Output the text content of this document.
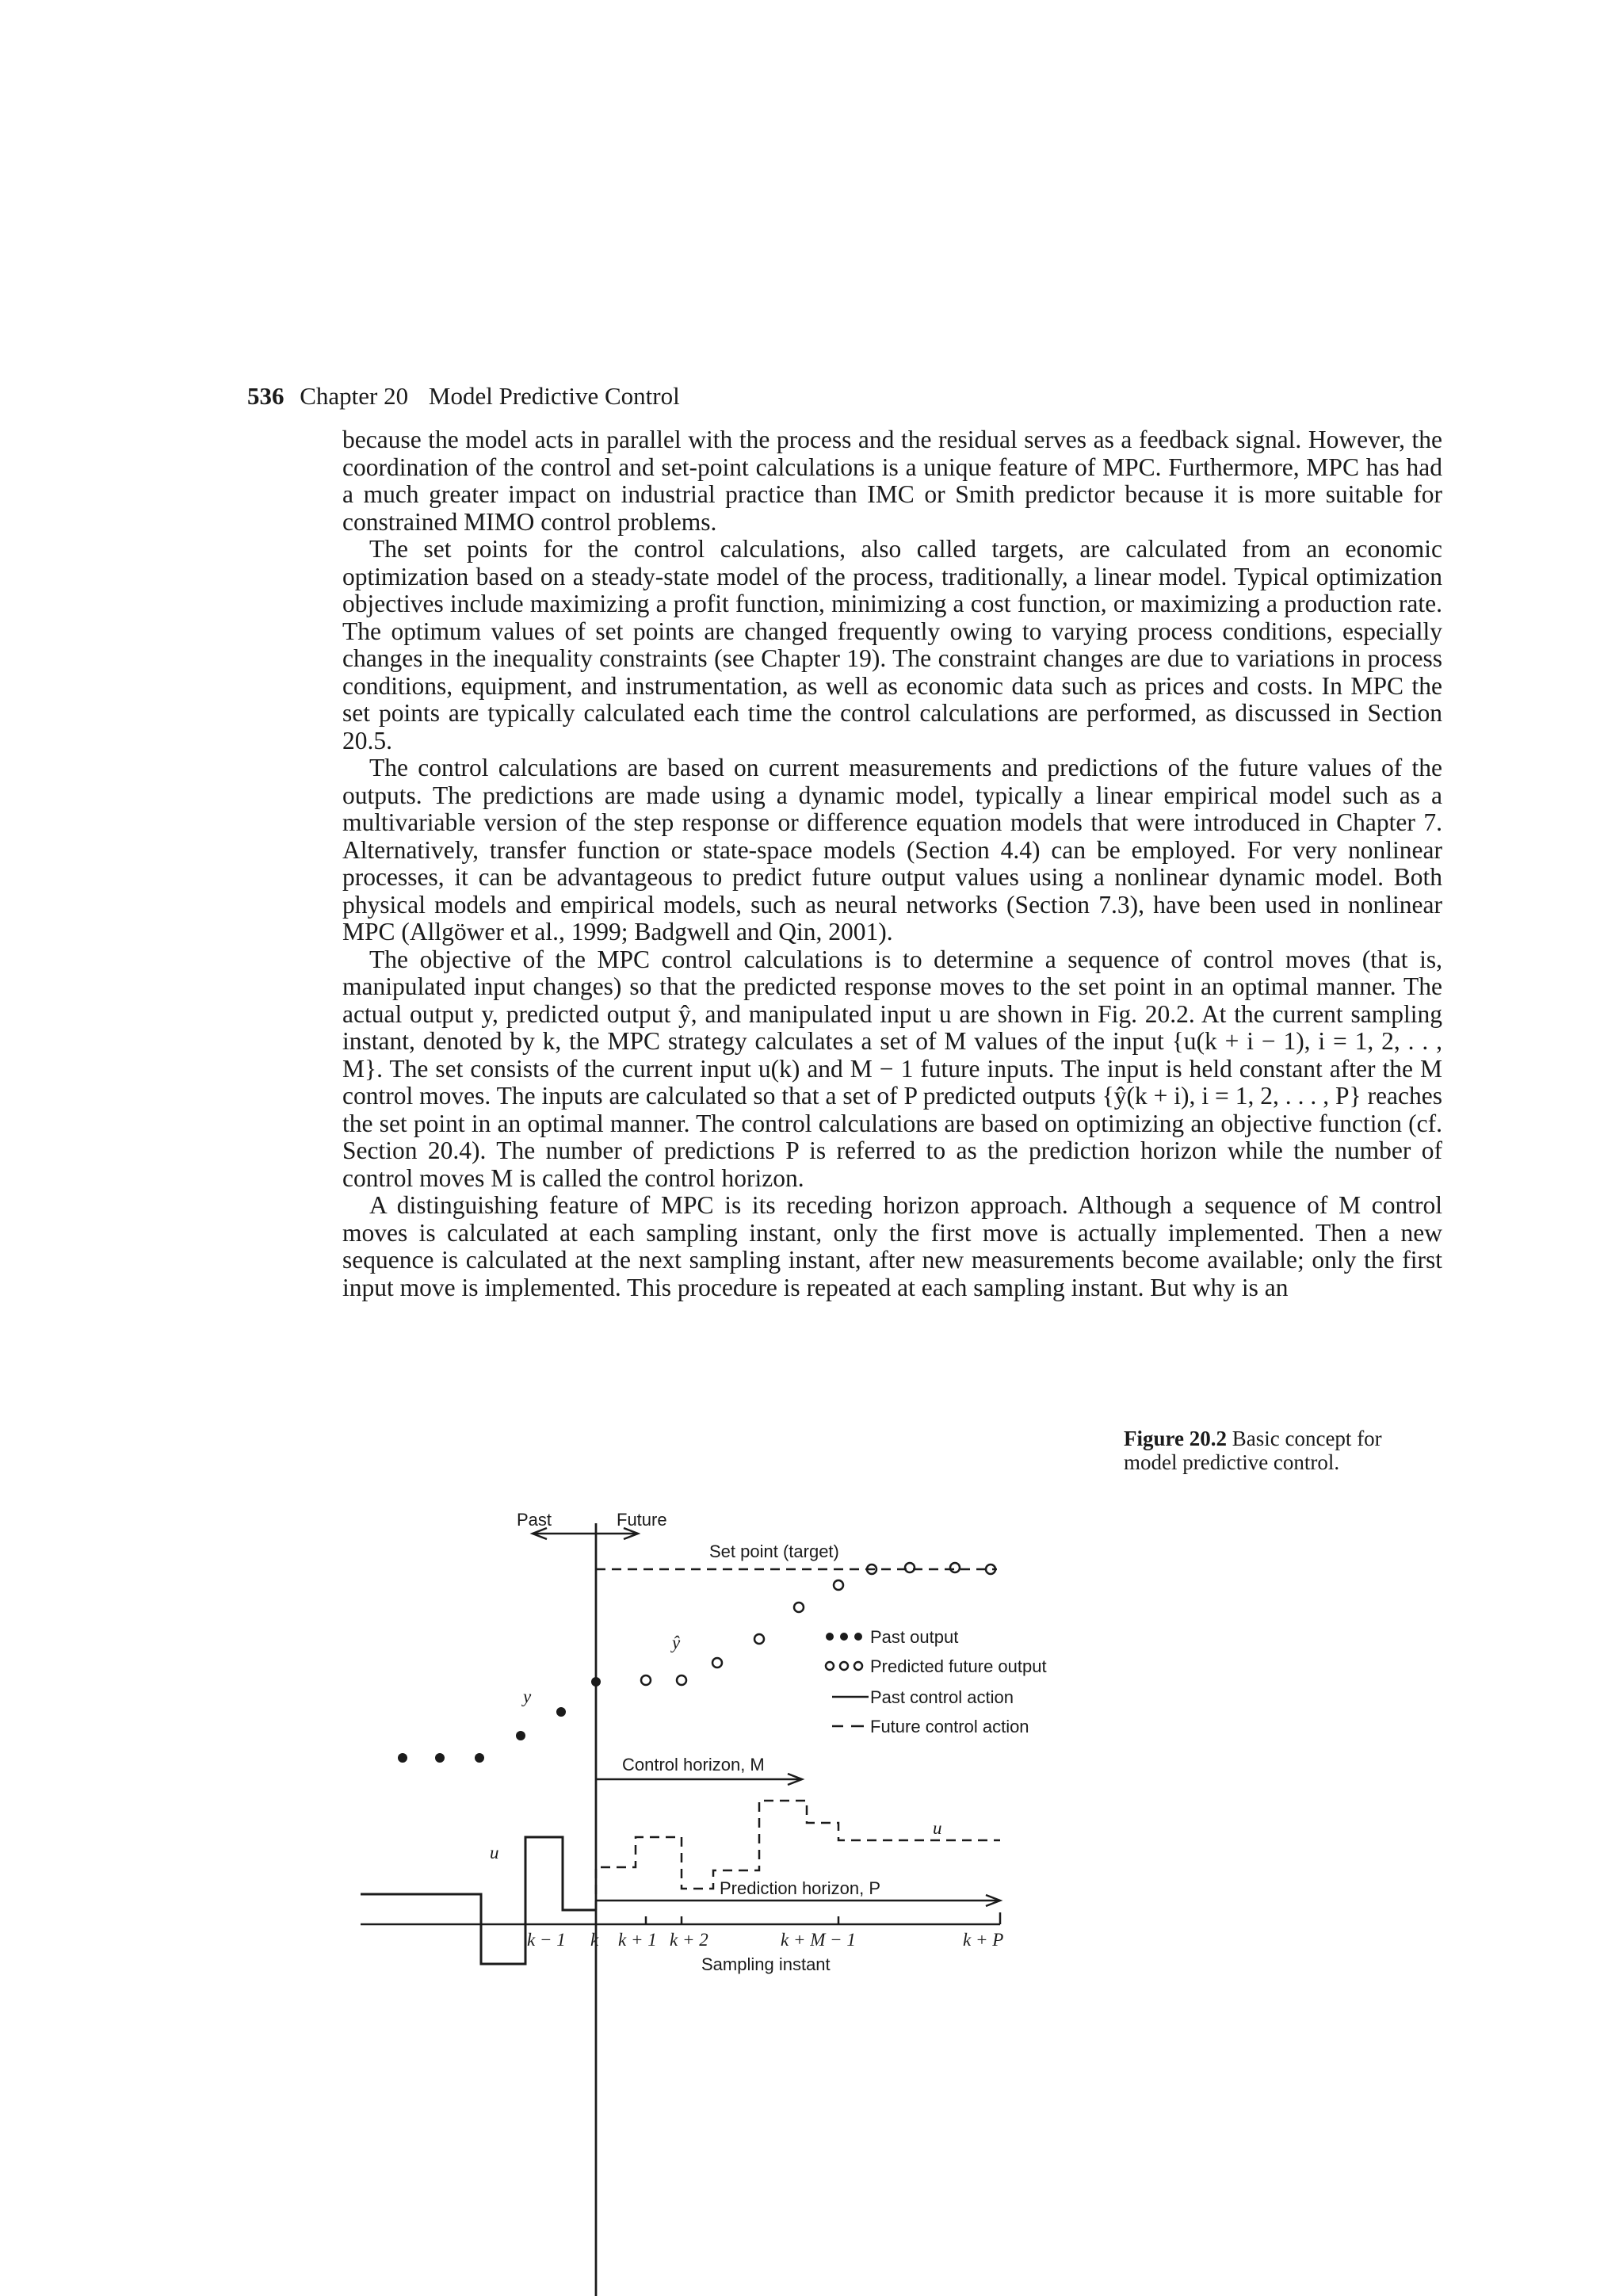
536 Chapter 20 Model Predictive Control

because the model acts in parallel with the process and the residual serves as a feedback signal. However, the coordination of the control and set-point calculations is a unique feature of MPC. Furthermore, MPC has had a much greater impact on industrial practice than IMC or Smith predictor because it is more suitable for constrained MIMO control problems.

The set points for the control calculations, also called targets, are calculated from an economic optimization based on a steady-state model of the process, traditionally, a linear model. Typical optimization objectives include maximizing a profit function, minimizing a cost function, or maximizing a production rate. The optimum values of set points are changed frequently owing to varying process conditions, especially changes in the inequality constraints (see Chapter 19). The constraint changes are due to variations in process conditions, equipment, and instrumentation, as well as economic data such as prices and costs. In MPC the set points are typically calculated each time the control calculations are performed, as discussed in Section 20.5.

The control calculations are based on current measurements and predictions of the future values of the outputs. The predictions are made using a dynamic model, typically a linear empirical model such as a multivariable version of the step response or difference equation models that were introduced in Chapter 7. Alternatively, transfer function or state-space models (Section 4.4) can be employed. For very nonlinear processes, it can be advantageous to predict future output values using a nonlinear dynamic model. Both physical models and empirical models, such as neural networks (Section 7.3), have been used in nonlinear MPC (Allgöwer et al., 1999; Badgwell and Qin, 2001).

The objective of the MPC control calculations is to determine a sequence of control moves (that is, manipulated input changes) so that the predicted response moves to the set point in an optimal manner. The actual output y, predicted output ŷ, and manipulated input u are shown in Fig. 20.2. At the current sampling instant, denoted by k, the MPC strategy calculates a set of M values of the input {u(k + i − 1), i = 1, 2, . . , M}. The set consists of the current input u(k) and M − 1 future inputs. The input is held constant after the M control moves. The inputs are calculated so that a set of P predicted outputs {ŷ(k + i), i = 1, 2, . . . , P} reaches the set point in an optimal manner. The control calculations are based on optimizing an objective function (cf. Section 20.4). The number of predictions P is referred to as the prediction horizon while the number of control moves M is called the control horizon.

A distinguishing feature of MPC is its receding horizon approach. Although a sequence of M control moves is calculated at each sampling instant, only the first move is actually implemented. Then a new sequence is calculated at the next sampling instant, after new measurements become available; only the first input move is implemented. This procedure is repeated at each sampling instant. But why is an

Past	Future
Set point (target)
ŷ
y
u
u
Control horizon, M
Prediction horizon, P
Sampling instant
Past output
Predicted future output
Past control action
Future control action
k − 1 k k + 1 k + 2	k + M − 1	k + P
Figure 20.2 Basic concept for model predictive control.
